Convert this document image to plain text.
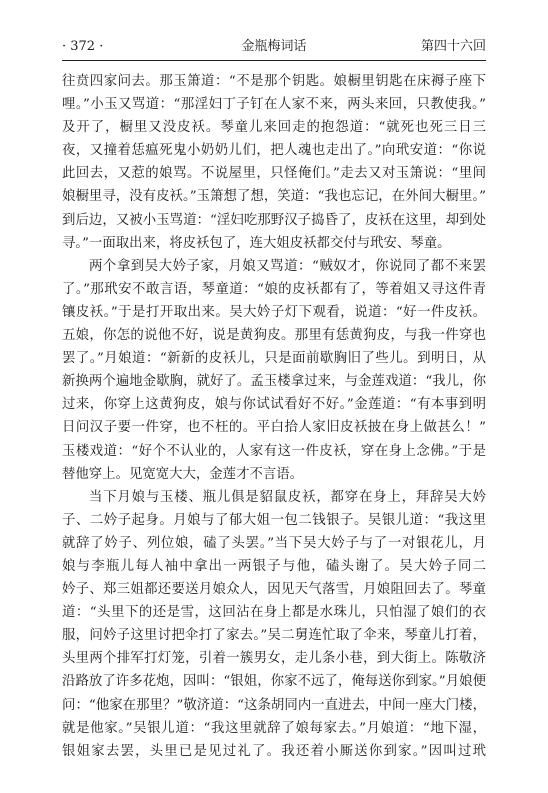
· 372 ·	金瓶梅词话	第四十六回
往贲四家问去。那玉箫道：“不是那个钥匙。娘橱里钥匙在床褥子座下
哩。”小玉又骂道：“那淫妇丁子钉在人家不来，两头来回，只教使我。”
及开了，橱里又没皮袄。琴童儿来回走的抱怨道：“就死也死三日三
夜，又撞着恁瘟死鬼小奶奶儿们，把人魂也走出了。”向玳安道：“你说
此回去，又惹的娘骂。不说屋里，只怪俺们。”走去又对玉箫说：“里间
娘橱里寻，没有皮袄。”玉箫想了想，笑道：“我也忘记，在外间大橱里。”
到后边，又被小玉骂道：“淫妇吃那野汉子捣昏了，皮袄在这里，却到处
寻。”一面取出来，将皮袄包了，连大姐皮袄都交付与玳安、琴童。
两个拿到吴大妗子家，月娘又骂道：“贼奴才，你说同了都不来罢
了。”那玳安不敢言语，琴童道：“娘的皮袄都有了，等着姐又寻这件青
镶皮袄。”于是打开取出来。吴大妗子灯下观看，说道：“好一件皮袄。
五娘，你怎的说他不好，说是黄狗皮。那里有恁黄狗皮，与我一件穿也
罢了。”月娘道：“新新的皮袄儿，只是面前歇胸旧了些儿。到明日，从
新换两个遍地金歇胸，就好了。孟玉楼拿过来，与金莲戏道：“我儿，你
过来，你穿上这黄狗皮，娘与你试试看好不好。”金莲道：“有本事到明
日问汉子要一件穿，也不枉的。平白拾人家旧皮袄披在身上做甚么！”
玉楼戏道：“好个不认业的，人家有这一件皮袄，穿在身上念佛。”于是
替他穿上。见宽宽大大，金莲才不言语。
当下月娘与玉楼、瓶儿俱是貂鼠皮袄，都穿在身上，拜辞吴大妗
子、二妗子起身。月娘与了郁大姐一包二钱银子。吴银儿道：“我这里
就辞了妗子、列位娘，磕了头罢。”当下吴大妗子与了一对银花儿，月
娘与李瓶儿每人袖中拿出一两银子与他，磕头谢了。吴大妗子同二
妗子、郑三姐都还要送月娘众人，因见天气落雪，月娘阻回去了。琴童
道：“头里下的还是雪，这回沾在身上都是水珠儿，只怕湿了娘们的衣
服，问妗子这里讨把伞打了家去。”吴二舅连忙取了伞来，琴童儿打着，
头里两个排军打灯笼，引着一簇男女，走儿条小巷，到大街上。陈敬济
沿路放了许多花炮，因叫：“银姐，你家不远了，俺每送你到家。”月娘便
问：“他家在那里？”敬济道：“这条胡同内一直进去，中间一座大门楼，
就是他家。”吴银儿道：“我这里就辞了娘每家去。”月娘道：“地下湿，
银姐家去罢，头里已是见过礼了。我还着小厮送你到家。”因叫过玳
